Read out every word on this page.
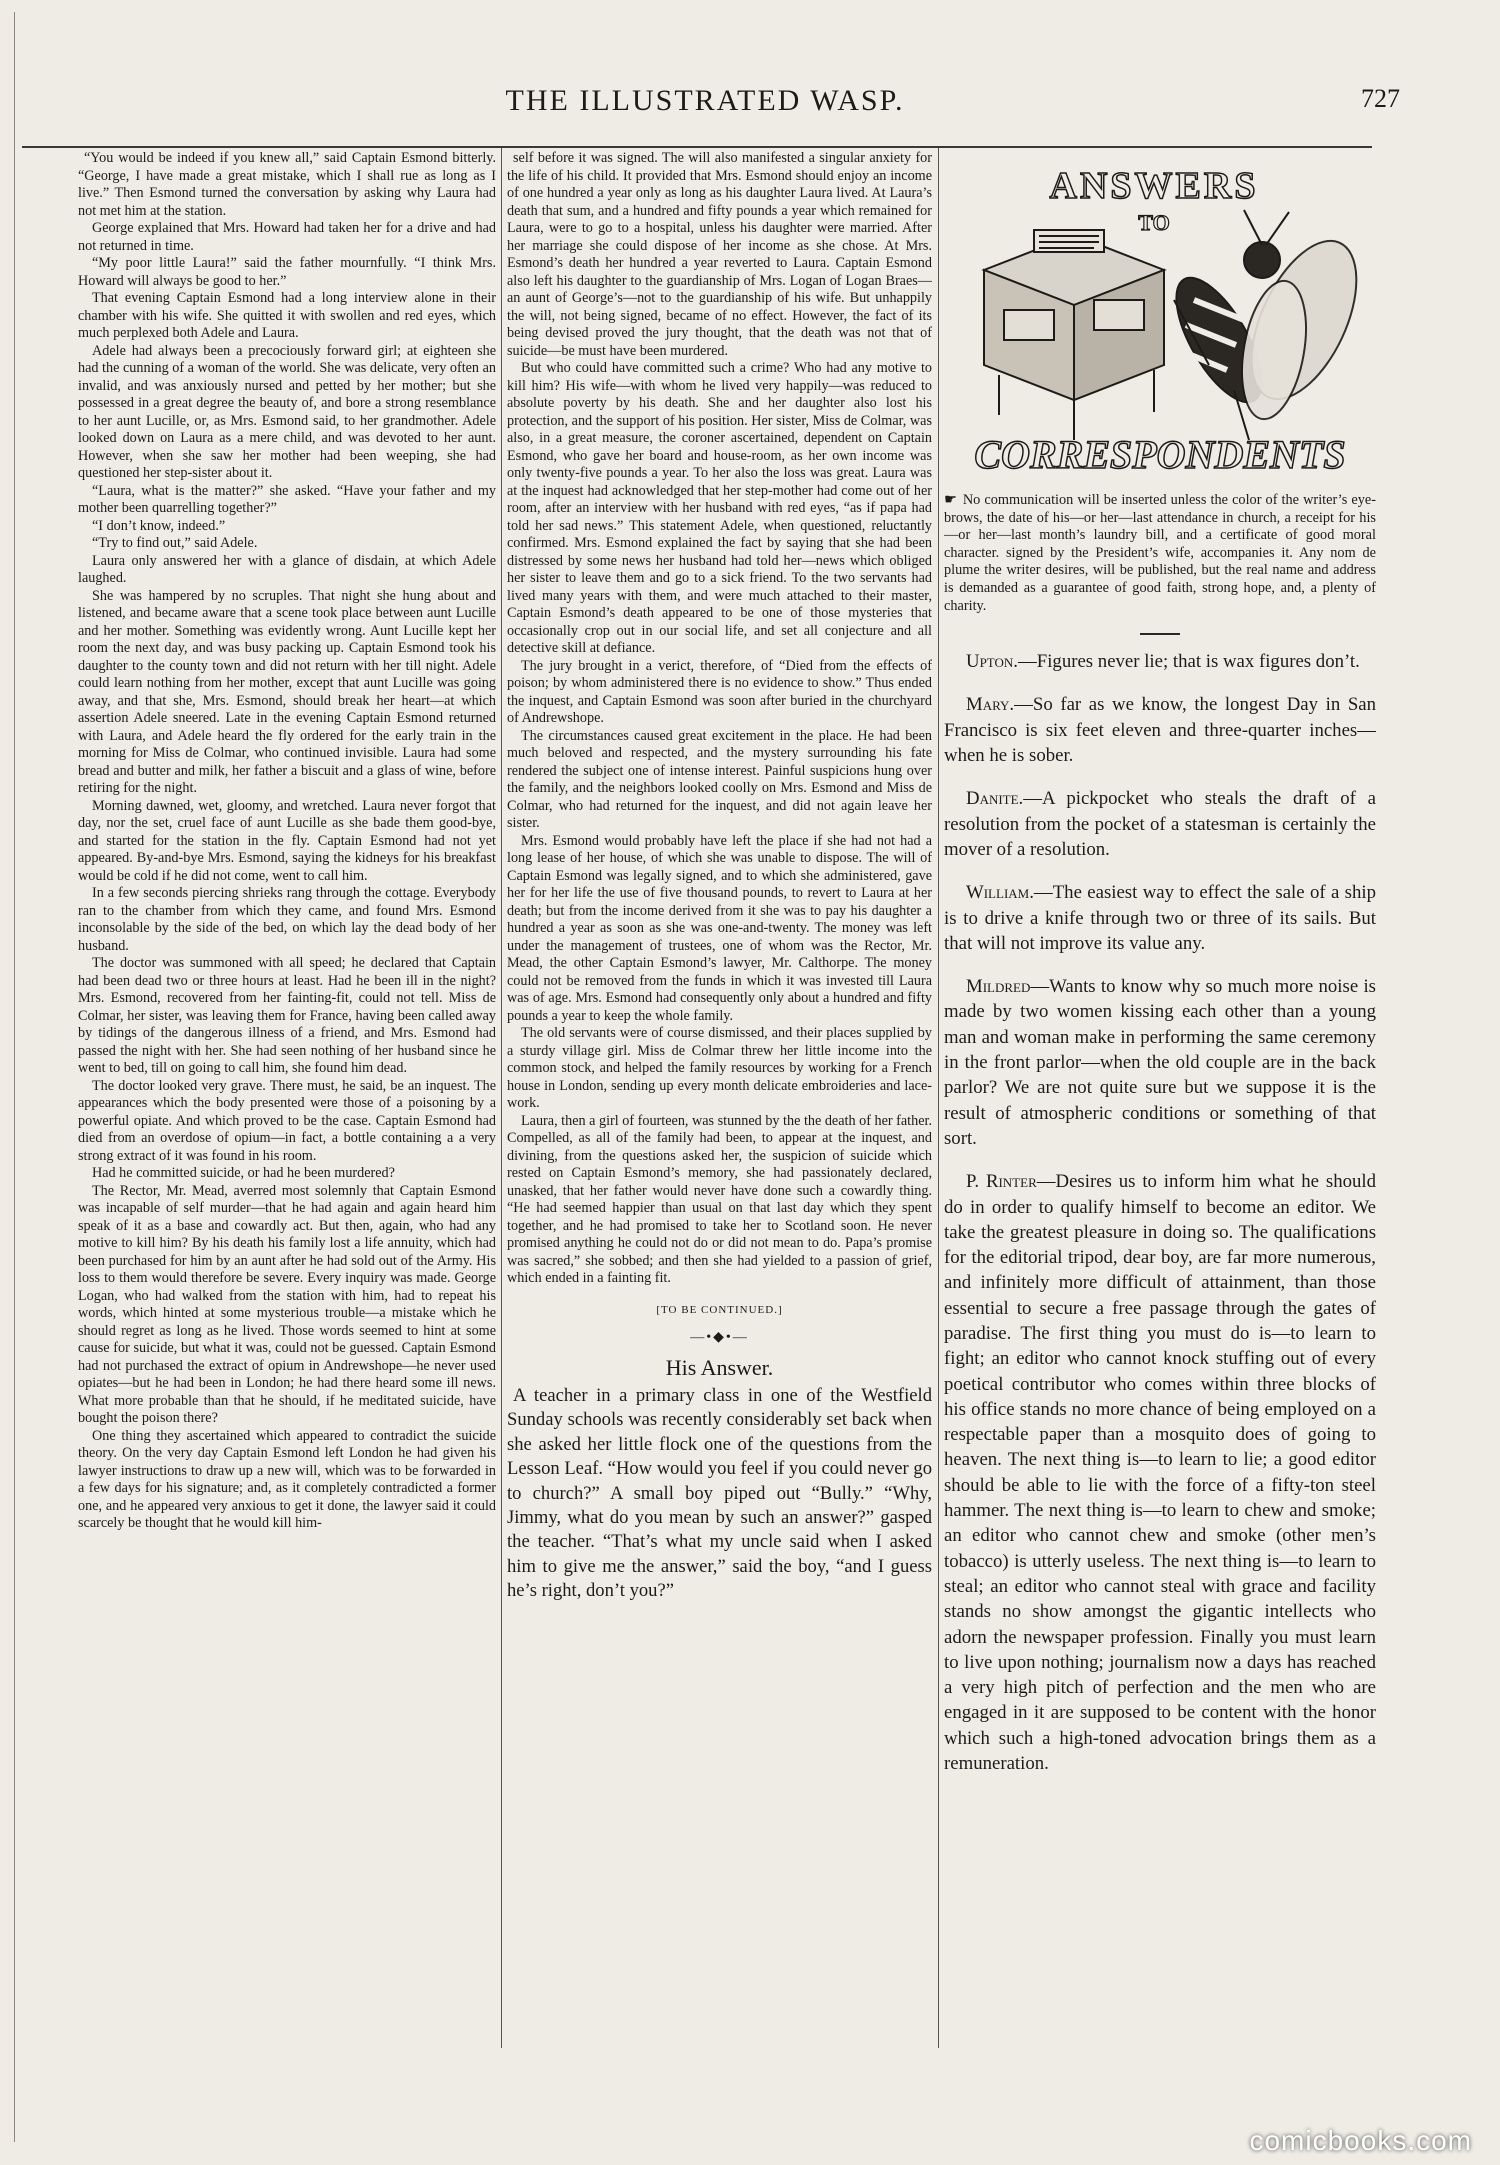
THE ILLUSTRATED WASP.	727

“You would be indeed if you knew all,” said Captain Esmond bitterly. “George, I have made a great mistake, which I shall rue as long as I live.” Then Esmond turned the conversation by asking why Laura had not met him at the station.

George explained that Mrs. Howard had taken her for a drive and had not returned in time.

“My poor little Laura!” said the father mournfully. “I think Mrs. Howard will always be good to her.”

That evening Captain Esmond had a long interview alone in their chamber with his wife. She quitted it with swollen and red eyes, which much perplexed both Adele and Laura.

Adele had always been a precociously forward girl; at eighteen she had the cunning of a woman of the world. She was delicate, very often an invalid, and was anxiously nursed and petted by her mother; but she possessed in a great degree the beauty of, and bore a strong resemblance to her aunt Lucille, or, as Mrs. Esmond said, to her grandmother. Adele looked down on Laura as a mere child, and was devoted to her aunt. However, when she saw her mother had been weeping, she had questioned her step-sister about it.

“Laura, what is the matter?” she asked. “Have your father and my mother been quarrelling together?”

“I don’t know, indeed.”

“Try to find out,” said Adele.

Laura only answered her with a glance of disdain, at which Adele laughed.

She was hampered by no scruples. That night she hung about and listened, and became aware that a scene took place between aunt Lucille and her mother. Something was evidently wrong. Aunt Lucille kept her room the next day, and was busy packing up. Captain Esmond took his daughter to the county town and did not return with her till night. Adele could learn nothing from her mother, except that aunt Lucille was going away, and that she, Mrs. Esmond, should break her heart—at which assertion Adele sneered. Late in the evening Captain Esmond returned with Laura, and Adele heard the fly ordered for the early train in the morning for Miss de Colmar, who continued invisible. Laura had some bread and butter and milk, her father a biscuit and a glass of wine, before retiring for the night.

Morning dawned, wet, gloomy, and wretched. Laura never forgot that day, nor the set, cruel face of aunt Lucille as she bade them good-bye, and started for the station in the fly. Captain Esmond had not yet appeared. By-and-bye Mrs. Esmond, saying the kidneys for his breakfast would be cold if he did not come, went to call him.

In a few seconds piercing shrieks rang through the cottage. Everybody ran to the chamber from which they came, and found Mrs. Esmond inconsolable by the side of the bed, on which lay the dead body of her husband.

The doctor was summoned with all speed; he declared that Captain had been dead two or three hours at least. Had he been ill in the night? Mrs. Esmond, recovered from her fainting-fit, could not tell. Miss de Colmar, her sister, was leaving them for France, having been called away by tidings of the dangerous illness of a friend, and Mrs. Esmond had passed the night with her. She had seen nothing of her husband since he went to bed, till on going to call him, she found him dead.

The doctor looked very grave. There must, he said, be an inquest. The appearances which the body presented were those of a poisoning by a powerful opiate. And which proved to be the case. Captain Esmond had died from an overdose of opium—in fact, a bottle containing a a very strong extract of it was found in his room.

Had he committed suicide, or had he been murdered?

The Rector, Mr. Mead, averred most solemnly that Captain Esmond was incapable of self murder—that he had again and again heard him speak of it as a base and cowardly act. But then, again, who had any motive to kill him? By his death his family lost a life annuity, which had been purchased for him by an aunt after he had sold out of the Army. His loss to them would therefore be severe. Every inquiry was made. George Logan, who had walked from the station with him, had to repeat his words, which hinted at some mysterious trouble—a mistake which he should regret as long as he lived. Those words seemed to hint at some cause for suicide, but what it was, could not be guessed. Captain Esmond had not purchased the extract of opium in Andrewshope—he never used opiates—but he had been in London; he had there heard some ill news. What more probable than that he should, if he meditated suicide, have bought the poison there?

One thing they ascertained which appeared to contradict the suicide theory. On the very day Captain Esmond left London he had given his lawyer instructions to draw up a new will, which was to be forwarded in a few days for his signature; and, as it completely contradicted a former one, and he appeared very anxious to get it done, the lawyer said it could scarcely be thought that he would kill him-

self before it was signed. The will also manifested a singular anxiety for the life of his child. It provided that Mrs. Esmond should enjoy an income of one hundred a year only as long as his daughter Laura lived. At Laura’s death that sum, and a hundred and fifty pounds a year which remained for Laura, were to go to a hospital, unless his daughter were married. After her marriage she could dispose of her income as she chose. At Mrs. Esmond’s death her hundred a year reverted to Laura. Captain Esmond also left his daughter to the guardianship of Mrs. Logan of Logan Braes—an aunt of George’s—not to the guardianship of his wife. But unhappily the will, not being signed, became of no effect. However, the fact of its being devised proved the jury thought, that the death was not that of suicide—be must have been murdered.

But who could have committed such a crime? Who had any motive to kill him? His wife—with whom he lived very happily—was reduced to absolute poverty by his death. She and her daughter also lost his protection, and the support of his position. Her sister, Miss de Colmar, was also, in a great measure, the coroner ascertained, dependent on Captain Esmond, who gave her board and house-room, as her own income was only twenty-five pounds a year. To her also the loss was great. Laura was at the inquest had acknowledged that her step-mother had come out of her room, after an interview with her husband with red eyes, “as if papa had told her sad news.” This statement Adele, when questioned, reluctantly confirmed. Mrs. Esmond explained the fact by saying that she had been distressed by some news her husband had told her—news which obliged her sister to leave them and go to a sick friend. To the two servants had lived many years with them, and were much attached to their master, Captain Esmond’s death appeared to be one of those mysteries that occasionally crop out in our social life, and set all conjecture and all detective skill at defiance.

The jury brought in a verict, therefore, of “Died from the effects of poison; by whom administered there is no evidence to show.” Thus ended the inquest, and Captain Esmond was soon after buried in the churchyard of Andrewshope.

The circumstances caused great excitement in the place. He had been much beloved and respected, and the mystery surrounding his fate rendered the subject one of intense interest. Painful suspicions hung over the family, and the neighbors looked coolly on Mrs. Esmond and Miss de Colmar, who had returned for the inquest, and did not again leave her sister.

Mrs. Esmond would probably have left the place if she had not had a long lease of her house, of which she was unable to dispose. The will of Captain Esmond was legally signed, and to which she administered, gave her for her life the use of five thousand pounds, to revert to Laura at her death; but from the income derived from it she was to pay his daughter a hundred a year as soon as she was one-and-twenty. The money was left under the management of trustees, one of whom was the Rector, Mr. Mead, the other Captain Esmond’s lawyer, Mr. Calthorpe. The money could not be removed from the funds in which it was invested till Laura was of age. Mrs. Esmond had consequently only about a hundred and fifty pounds a year to keep the whole family.

The old servants were of course dismissed, and their places supplied by a sturdy village girl. Miss de Colmar threw her little income into the common stock, and helped the family resources by working for a French house in London, sending up every month delicate embroideries and lace-work.

Laura, then a girl of fourteen, was stunned by the the death of her father. Compelled, as all of the family had been, to appear at the inquest, and divining, from the questions asked her, the suspicion of suicide which rested on Captain Esmond’s memory, she had passionately declared, unasked, that her father would never have done such a cowardly thing. “He had seemed happier than usual on that last day which they spent together, and he had promised to take her to Scotland soon. He never promised anything he could not do or did not mean to do. Papa’s promise was sacred,” she sobbed; and then she had yielded to a passion of grief, which ended in a fainting fit.

[TO BE CONTINUED.]
—•◆•—
His Answer.

A teacher in a primary class in one of the Westfield Sunday schools was recently considerably set back when she asked her little flock one of the questions from the Lesson Leaf. “How would you feel if you could never go to church?” A small boy piped out “Bully.” “Why, Jimmy, what do you mean by such an answer?” gasped the teacher. “That’s what my uncle said when I asked him to give me the answer,” said the boy, “and I guess he’s right, don’t you?”

ANSWERS
TO
CORRESPONDENTS
☛ No communication will be inserted unless the color of the writer’s eye-brows, the date of his—or her—last attendance in church, a receipt for his—or her—last month’s laundry bill, and a certificate of good moral character. signed by the President’s wife, accompanies it. Any nom de plume the writer desires, will be published, but the real name and address is demanded as a guarantee of good faith, strong hope, and, a plenty of charity.

Upton.—Figures never lie; that is wax figures don’t.

Mary.—So far as we know, the longest Day in San Francisco is six feet eleven and three-quarter inches—when he is sober.

Danite.—A pickpocket who steals the draft of a resolution from the pocket of a statesman is certainly the mover of a resolution.

William.—The easiest way to effect the sale of a ship is to drive a knife through two or three of its sails. But that will not improve its value any.

Mildred—Wants to know why so much more noise is made by two women kissing each other than a young man and woman make in performing the same ceremony in the front parlor—when the old couple are in the back parlor? We are not quite sure but we suppose it is the result of atmospheric conditions or something of that sort.

P. Rinter—Desires us to inform him what he should do in order to qualify himself to become an editor. We take the greatest pleasure in doing so. The qualifications for the editorial tripod, dear boy, are far more numerous, and infinitely more difficult of attainment, than those essential to secure a free passage through the gates of paradise. The first thing you must do is—to learn to fight; an editor who cannot knock stuffing out of every poetical contributor who comes within three blocks of his office stands no more chance of being employed on a respectable paper than a mosquito does of going to heaven. The next thing is—to learn to lie; a good editor should be able to lie with the force of a fifty-ton steel hammer. The next thing is—to learn to chew and smoke; an editor who cannot chew and smoke (other men’s tobacco) is utterly useless. The next thing is—to learn to steal; an editor who cannot steal with grace and facility stands no show amongst the gigantic intellects who adorn the newspaper profession. Finally you must learn to live upon nothing; journalism now a days has reached a very high pitch of perfection and the men who are engaged in it are supposed to be content with the honor which such a high-toned advocation brings them as a remuneration.

comicbooks.com
